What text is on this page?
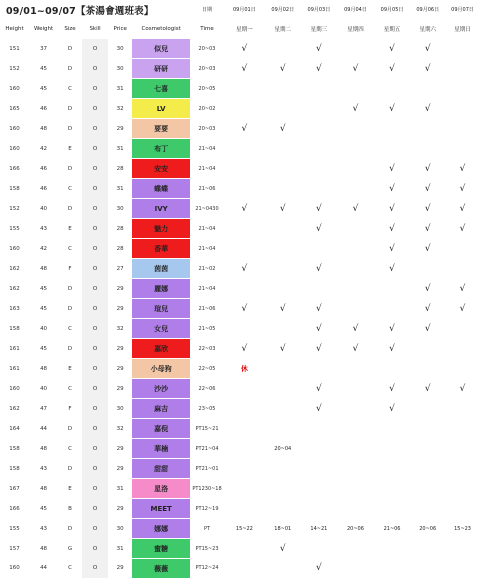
09/01~09/07【茶湯會週班表】						日期	09月01日	09月02日	09月03日	09月04日	09月05日	09月06日	09月07日
Height	Weight	Size	Skill	Price	Cosmetologist	Time	星期一	星期二	星期三	星期四	星期五	星期六	星期日
151	37	D	O	30	似兒	20~03	√		√		√	√	
152	45	D	O	30	研研	20~03	√	√	√	√	√	√	
160	45	C	O	31	七喜	20~05							
165	46	D	O	32	LV	20~02				√	√	√	
160	48	D	O	29	要要	20~03	√	√					
160	42	E	O	31	布丁	21~04							
166	46	D	O	28	安安	21~04					√	√	√
158	46	C	O	31	蝶蝶	21~06					√	√	√
152	40	D	O	30	IVY	21~0430	√	√	√	√	√	√	√
155	43	E	O	28	魅力	21~04			√		√	√	√
160	42	C	O	28	香華	21~04					√	√	
162	48	F	O	27	茵茵	21~02	√		√		√		
162	45	D	O	29	麗娜	21~04						√	√
163	45	D	O	29	瑄兒	21~06	√	√	√			√	√
158	40	C	O	32	女兒	21~05			√	√	√	√	
161	45	D	O	29	嘉欣	22~03	√	√	√	√	√		
161	48	E	O	29	小母狗	22~05	休						
160	40	C	O	29	沙沙	22~06			√		√	√	√
162	47	F	O	30	麻吉	23~05			√		√		
164	44	D	O	32	嘉倪	PT15~21							
158	48	C	O	29	華楠	PT21~04		20~04					
158	43	D	O	29	甜甜	PT21~01							
167	48	E	O	31	星洛	PT1230~18							
166	45	B	O	29	MEET	PT12~19							
155	43	D	O	30	娜娜	PT	15~22	18~01	14~21	20~06	21~06	20~06	15~23
157	48	G	O	31	蜜糖	PT15~23		√					
160	44	C	O	29	薇薇	PT12~24			√				
